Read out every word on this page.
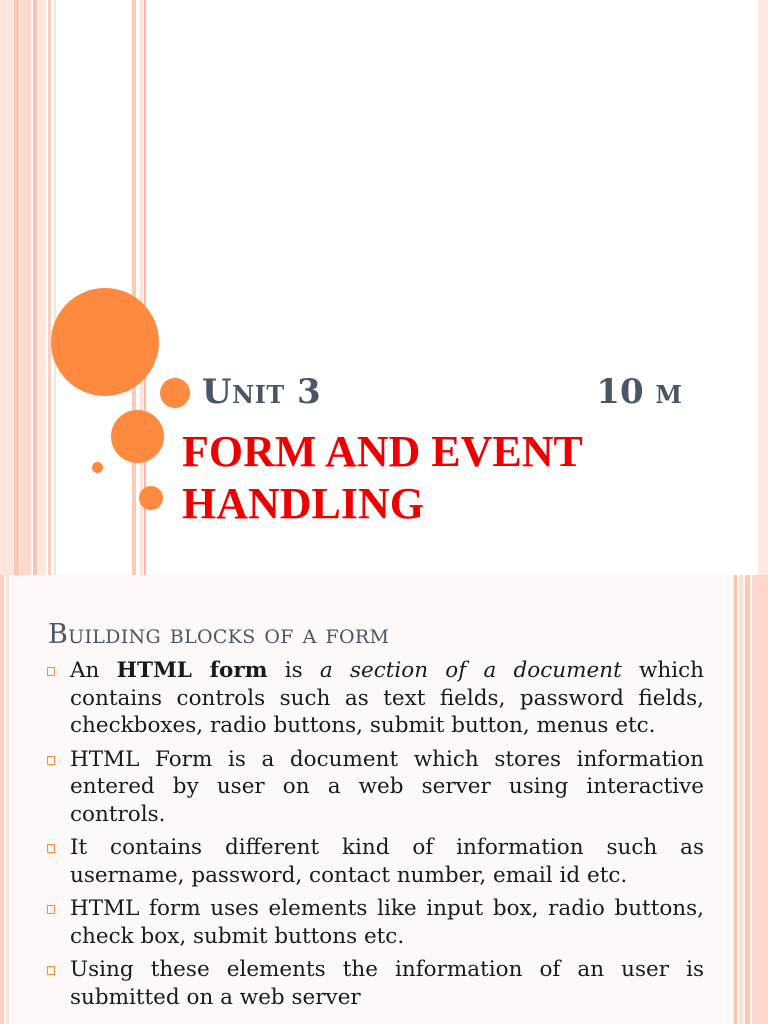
Unit 3	10 m
FORM AND EVENT
HANDLING
Building blocks of a form
An HTML form is a section of a document which contains controls such as text fields, password fields, checkboxes, radio buttons, submit button, menus etc.
HTML Form is a document which stores information entered by user on a web server using interactive controls.
It contains different kind of information such as username, password, contact number, email id etc.
HTML form uses elements like input box, radio buttons, check box, submit buttons etc.
Using these elements the information of an user is submitted on a web server
